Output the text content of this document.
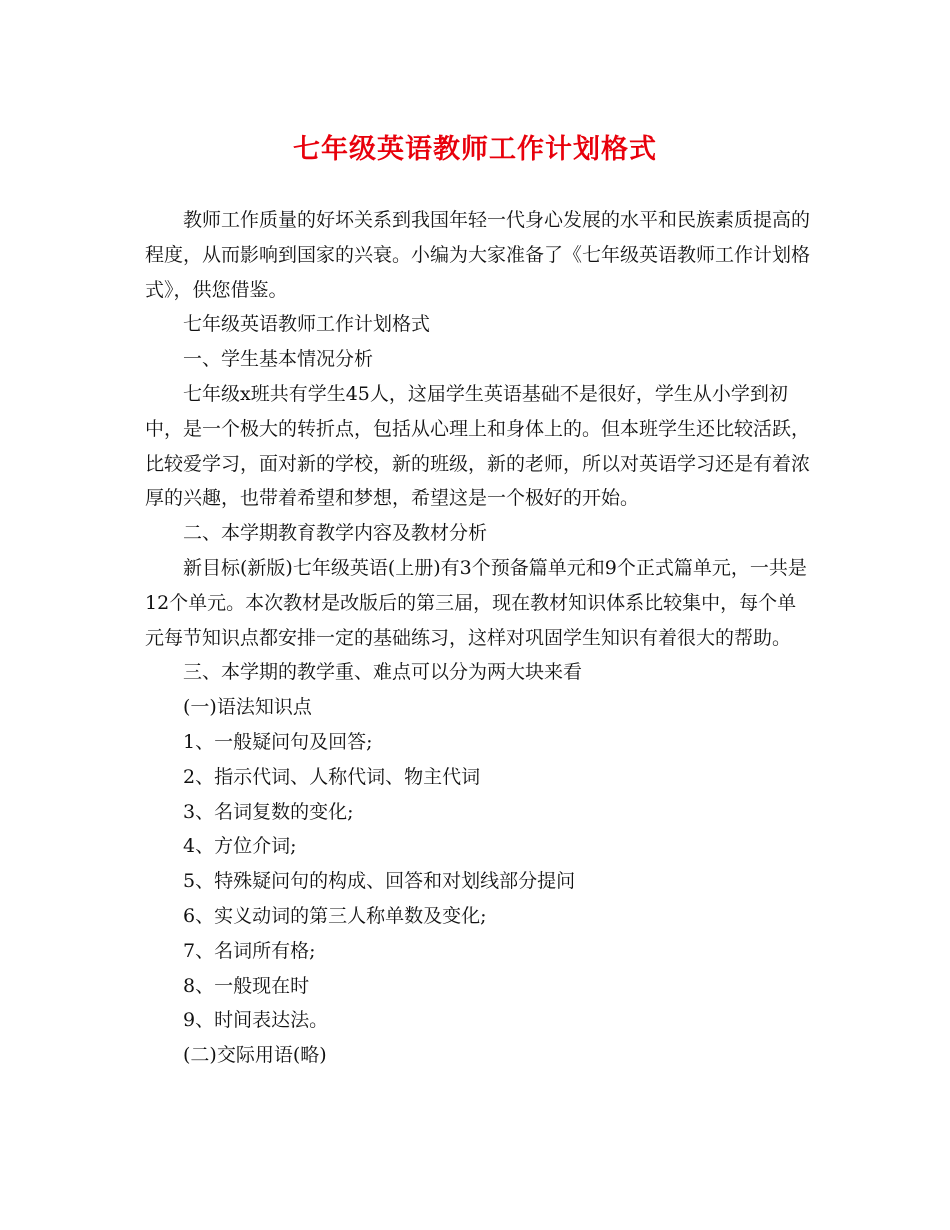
七年级英语教师工作计划格式

教师工作质量的好坏关系到我国年轻一代身心发展的水平和民族素质提高的程度，从而影响到国家的兴衰。小编为大家准备了《七年级英语教师工作计划格式》，供您借鉴。

七年级英语教师工作计划格式

一、学生基本情况分析

七年级x班共有学生45人，这届学生英语基础不是很好，学生从小学到初中，是一个极大的转折点，包括从心理上和身体上的。但本班学生还比较活跃，比较爱学习，面对新的学校，新的班级，新的老师，所以对英语学习还是有着浓厚的兴趣，也带着希望和梦想，希望这是一个极好的开始。

二、本学期教育教学内容及教材分析

新目标(新版)七年级英语(上册)有3个预备篇单元和9个正式篇单元，一共是12个单元。本次教材是改版后的第三届，现在教材知识体系比较集中，每个单元每节知识点都安排一定的基础练习，这样对巩固学生知识有着很大的帮助。

三、本学期的教学重、难点可以分为两大块来看

(一)语法知识点

1、一般疑问句及回答;

2、指示代词、人称代词、物主代词

3、名词复数的变化;

4、方位介词;

5、特殊疑问句的构成、回答和对划线部分提问

6、实义动词的第三人称单数及变化;

7、名词所有格;

8、一般现在时

9、时间表达法。

(二)交际用语(略)
